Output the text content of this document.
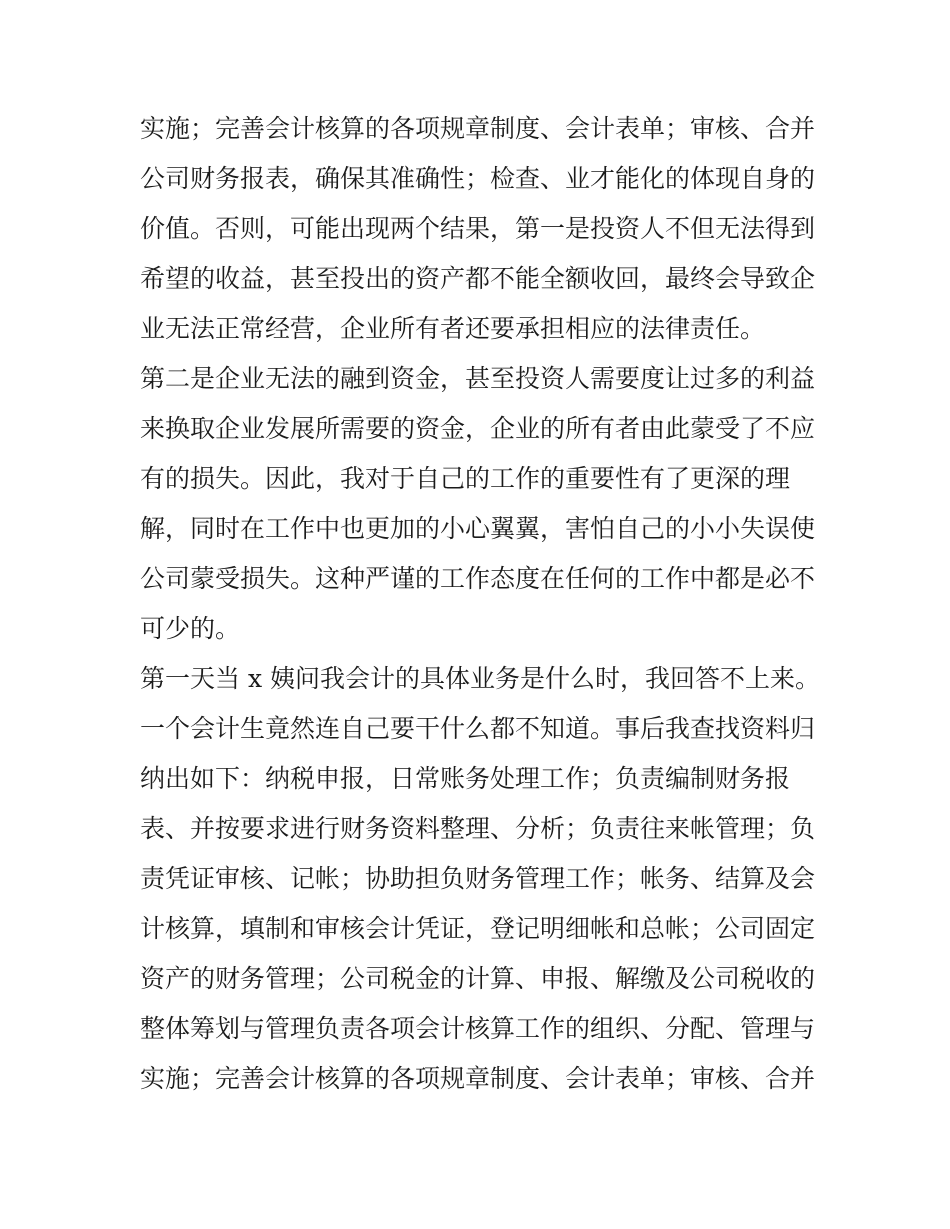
实施；完善会计核算的各项规章制度、会计表单；审核、合并
公司财务报表，确保其准确性；检查、业才能化的体现自身的
价值。否则，可能出现两个结果，第一是投资人不但无法得到
希望的收益，甚至投出的资产都不能全额收回，最终会导致企
业无法正常经营，企业所有者还要承担相应的法律责任。
第二是企业无法的融到资金，甚至投资人需要度让过多的利益
来换取企业发展所需要的资金，企业的所有者由此蒙受了不应
有的损失。因此，我对于自己的工作的重要性有了更深的理
解，同时在工作中也更加的小心翼翼，害怕自己的小小失误使
公司蒙受损失。这种严谨的工作态度在任何的工作中都是必不
可少的。
第一天当 x 姨问我会计的具体业务是什么时，我回答不上来。
一个会计生竟然连自己要干什么都不知道。事后我查找资料归
纳出如下：纳税申报，日常账务处理工作；负责编制财务报
表、并按要求进行财务资料整理、分析；负责往来帐管理；负
责凭证审核、记帐；协助担负财务管理工作；帐务、结算及会
计核算，填制和审核会计凭证，登记明细帐和总帐；公司固定
资产的财务管理；公司税金的计算、申报、解缴及公司税收的
整体筹划与管理负责各项会计核算工作的组织、分配、管理与
实施；完善会计核算的各项规章制度、会计表单；审核、合并
